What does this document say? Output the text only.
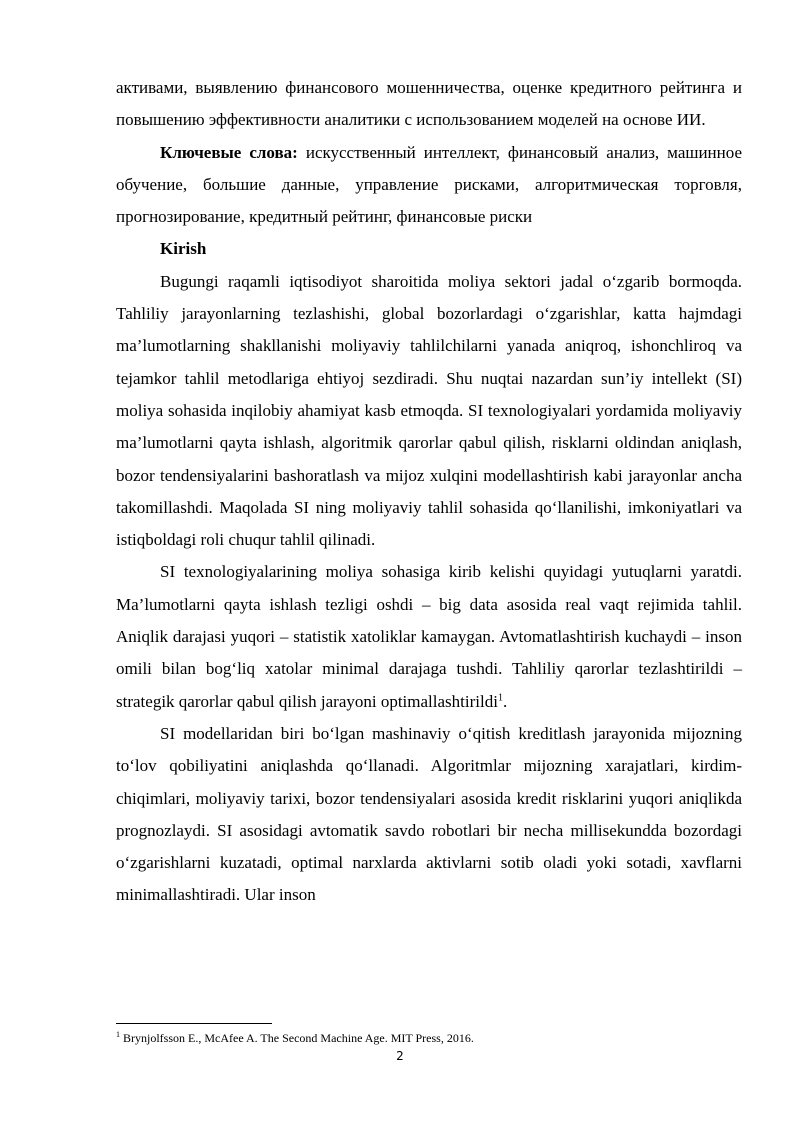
активами, выявлению финансового мошенничества, оценке кредитного рейтинга и повышению эффективности аналитики с использованием моделей на основе ИИ.

Ключевые слова: искусственный интеллект, финансовый анализ, машинное обучение, большие данные, управление рисками, алгоритмическая торговля, прогнозирование, кредитный рейтинг, финансовые риски

Kirish

Bugungi raqamli iqtisodiyot sharoitida moliya sektori jadal o‘zgarib bormoqda. Tahliliy jarayonlarning tezlashishi, global bozorlardagi o‘zgarishlar, katta hajmdagi ma’lumotlarning shakllanishi moliyaviy tahlilchilarni yanada aniqroq, ishonchliroq va tejamkor tahlil metodlariga ehtiyoj sezdiradi. Shu nuqtai nazardan sun’iy intellekt (SI) moliya sohasida inqilobiy ahamiyat kasb etmoqda. SI texnologiyalari yordamida moliyaviy ma’lumotlarni qayta ishlash, algoritmik qarorlar qabul qilish, risklarni oldindan aniqlash, bozor tendensiyalarini bashoratlash va mijoz xulqini modellashtirish kabi jarayonlar ancha takomillashdi. Maqolada SI ning moliyaviy tahlil sohasida qo‘llanilishi, imkoniyatlari va istiqboldagi roli chuqur tahlil qilinadi.

SI texnologiyalarining moliya sohasiga kirib kelishi quyidagi yutuqlarni yaratdi. Ma’lumotlarni qayta ishlash tezligi oshdi – big data asosida real vaqt rejimida tahlil. Aniqlik darajasi yuqori – statistik xatoliklar kamaygan. Avtomatlashtirish kuchaydi – inson omili bilan bog‘liq xatolar minimal darajaga tushdi. Tahliliy qarorlar tezlashtirildi – strategik qarorlar qabul qilish jarayoni optimallashtirildi$^1$.

SI modellaridan biri bo‘lgan mashinaviy o‘qitish kreditlash jarayonida mijozning to‘lov qobiliyatini aniqlashda qo‘llanadi. Algoritmlar mijozning xarajatlari, kirdim-chiqimlari, moliyaviy tarixi, bozor tendensiyalari asosida kredit risklarini yuqori aniqlikda prognozlaydi. SI asosidagi avtomatik savdo robotlari bir necha millisekundda bozordagi o‘zgarishlarni kuzatadi, optimal narxlarda aktivlarni sotib oladi yoki sotadi, xavflarni minimallashtiradi. Ular inson

$^1$ Brynjolfsson E., McAfee A. The Second Machine Age. MIT Press, 2016.
2
